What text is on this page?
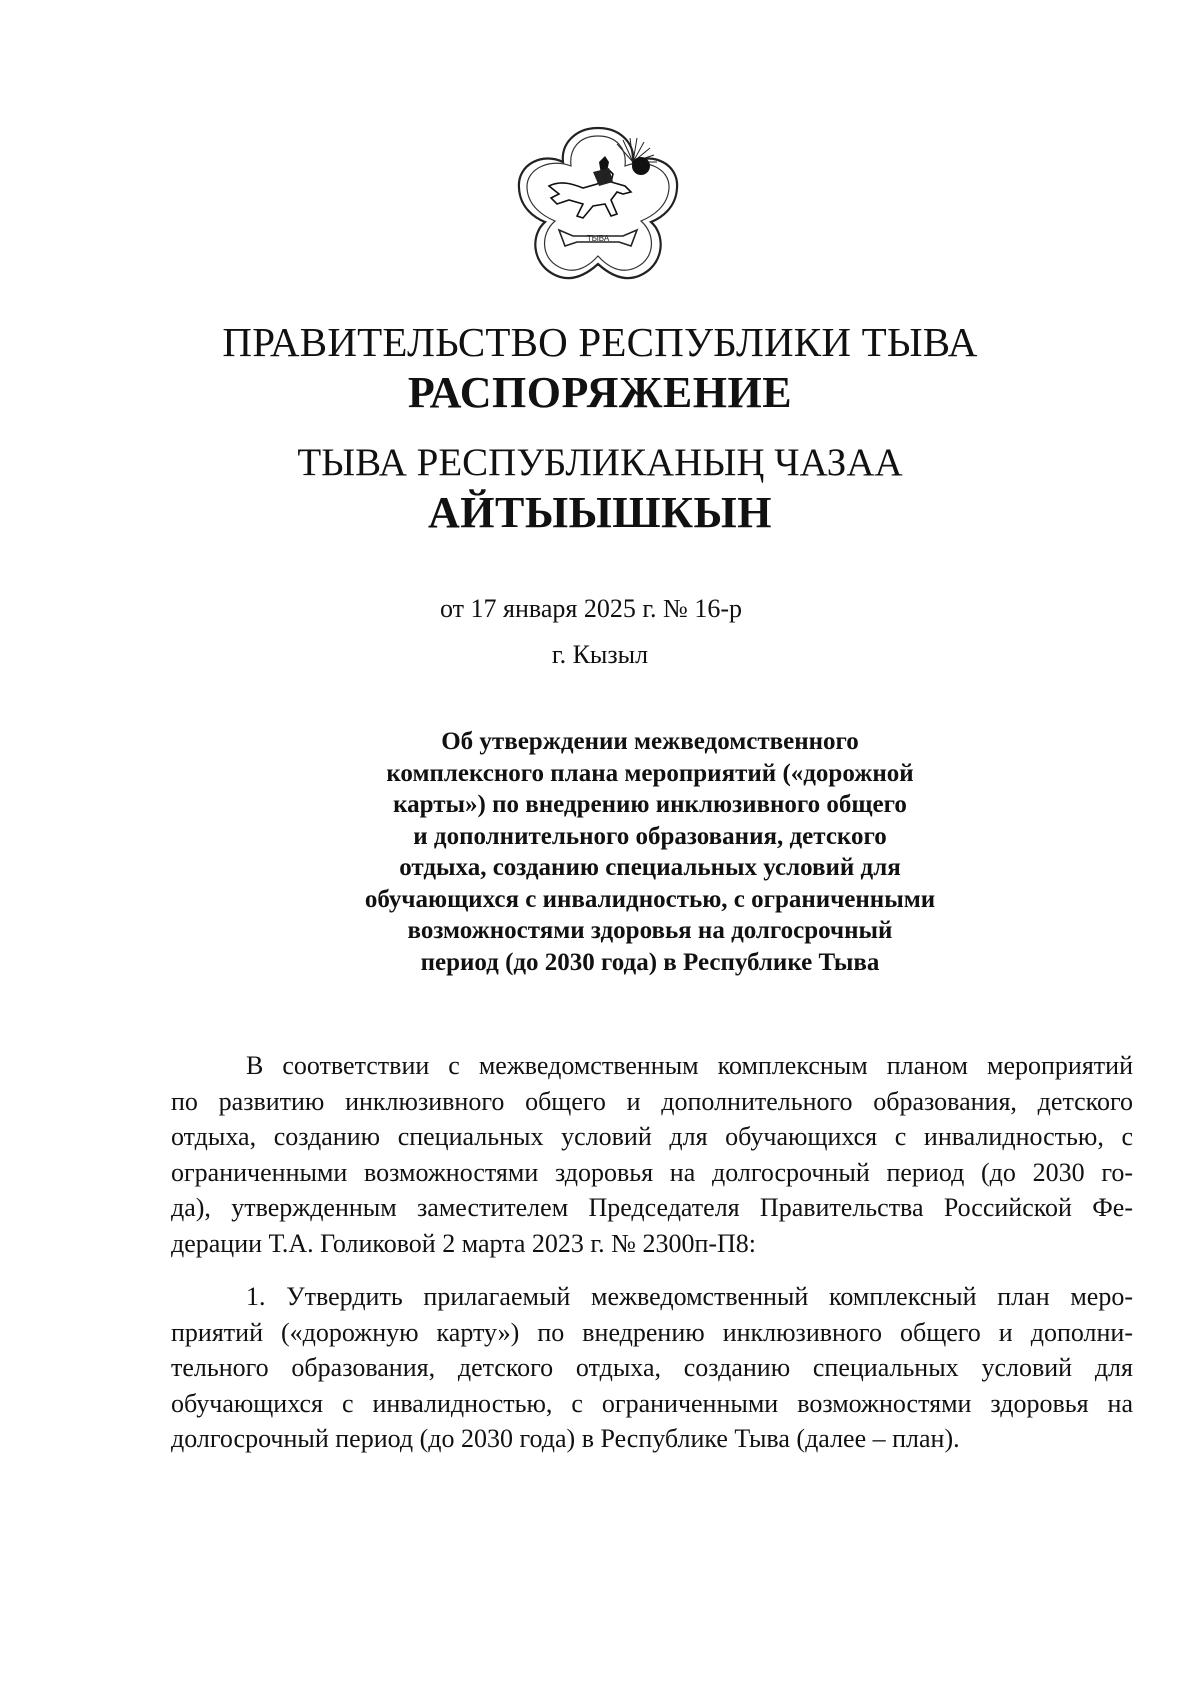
ТЫВА
ПРАВИТЕЛЬСТВО РЕСПУБЛИКИ ТЫВА
РАСПОРЯЖЕНИЕ
ТЫВА РЕСПУБЛИКАНЫҢ ЧАЗАА
АЙТЫЫШКЫН
от 17 января 2025 г. № 16-р
г. Кызыл
Об утверждении межведомственного
комплексного плана мероприятий («дорожной
карты») по внедрению инклюзивного общего
и дополнительного образования, детского
отдыха, созданию специальных условий для
обучающихся с инвалидностью, с ограниченными
возможностями здоровья на долгосрочный
период (до 2030 года) в Республике Тыва
В соответствии с межведомственным комплексным планом мероприятий
по развитию инклюзивного общего и дополнительного образования, детского
отдыха, созданию специальных условий для обучающихся с инвалидностью, с
ограниченными возможностями здоровья на долгосрочный период (до 2030 го-
да), утвержденным заместителем Председателя Правительства Российской Фе-
дерации Т.А. Голиковой 2 марта 2023 г. № 2300п-П8:
1. Утвердить прилагаемый межведомственный комплексный план меро-
приятий («дорожную карту») по внедрению инклюзивного общего и дополни-
тельного образования, детского отдыха, созданию специальных условий для
обучающихся с инвалидностью, с ограниченными возможностями здоровья на
долгосрочный период (до 2030 года) в Республике Тыва (далее – план).
